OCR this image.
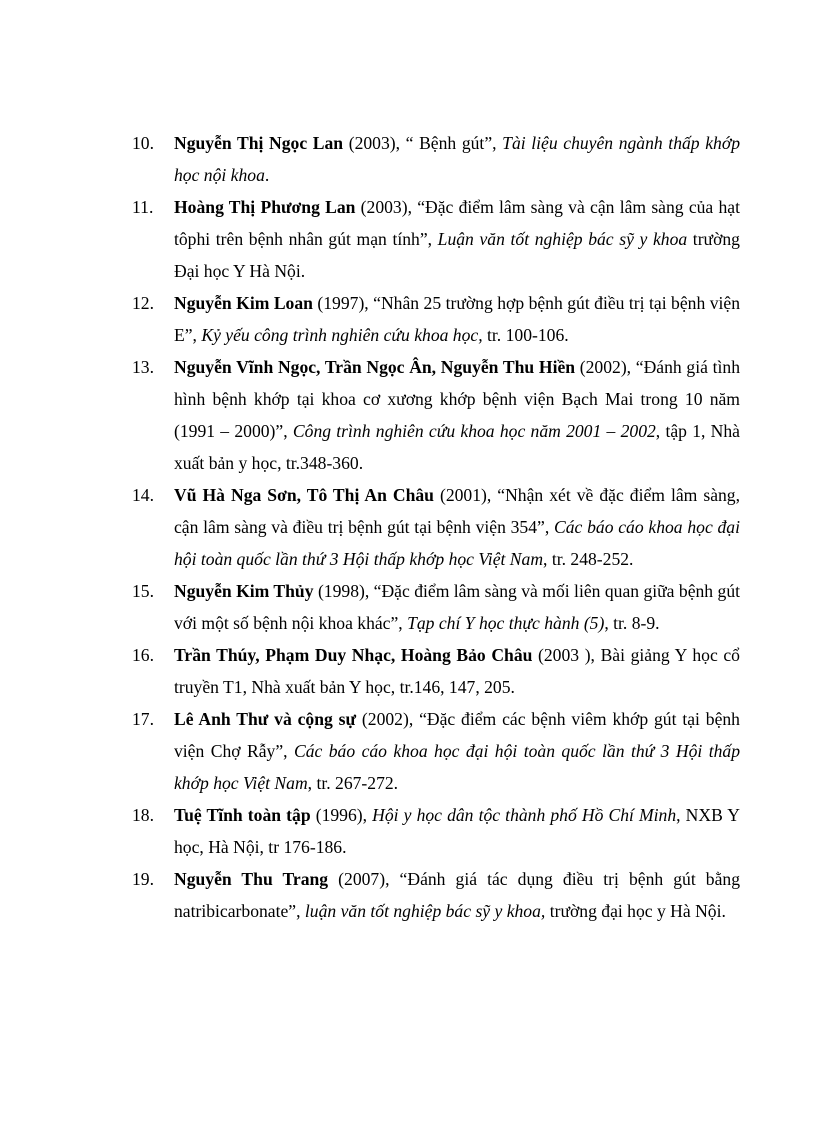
10.	Nguyễn Thị Ngọc Lan (2003), “ Bệnh gút”, Tài liệu chuyên ngành thấp khớp học nội khoa.
11.	Hoàng Thị Phương Lan (2003), “Đặc điểm lâm sàng và cận lâm sàng của hạt tôphi trên bệnh nhân gút mạn tính”, Luận văn tốt nghiệp bác sỹ y khoa trường Đại học Y Hà Nội.
12.	Nguyễn Kim Loan (1997), “Nhân 25 trường hợp bệnh gút điều trị tại bệnh viện E”, Kỷ yếu công trình nghiên cứu khoa học, tr. 100-106.
13.	Nguyễn Vĩnh Ngọc, Trần Ngọc Ân, Nguyễn Thu Hiền (2002), “Đánh giá tình hình bệnh khớp tại khoa cơ xương khớp bệnh viện Bạch Mai trong 10 năm (1991 – 2000)”, Công trình nghiên cứu khoa học năm 2001 – 2002, tập 1, Nhà xuất bản y học, tr.348-360.
14.	Vũ Hà Nga Sơn, Tô Thị An Châu (2001), “Nhận xét về đặc điểm lâm sàng, cận lâm sàng và điều trị bệnh gút tại bệnh viện 354”, Các báo cáo khoa học đại hội toàn quốc lần thứ 3 Hội thấp khớp học Việt Nam, tr. 248-252.
15.	Nguyễn Kim Thủy (1998), “Đặc điểm lâm sàng và mối liên quan giữa bệnh gút với một số bệnh nội khoa khác”, Tạp chí Y học thực hành (5), tr. 8-9.
16.	Trần Thúy, Phạm Duy Nhạc, Hoàng Bảo Châu (2003 ), Bài giảng Y học cổ truyền T1, Nhà xuất bản Y học, tr.146, 147, 205.
17.	Lê Anh Thư và cộng sự (2002), “Đặc điểm các bệnh viêm khớp gút tại bệnh viện Chợ Rẫy”, Các báo cáo khoa học đại hội toàn quốc lần thứ 3 Hội thấp khớp học Việt Nam, tr. 267-272.
18.	Tuệ Tĩnh toàn tập (1996), Hội y học dân tộc thành phố Hồ Chí Minh, NXB Y học, Hà Nội, tr 176-186.
19.	Nguyễn Thu Trang (2007), “Đánh giá tác dụng điều trị bệnh gút bằng natribicarbonate”, luận văn tốt nghiệp bác sỹ y khoa, trường đại học y Hà Nội.
